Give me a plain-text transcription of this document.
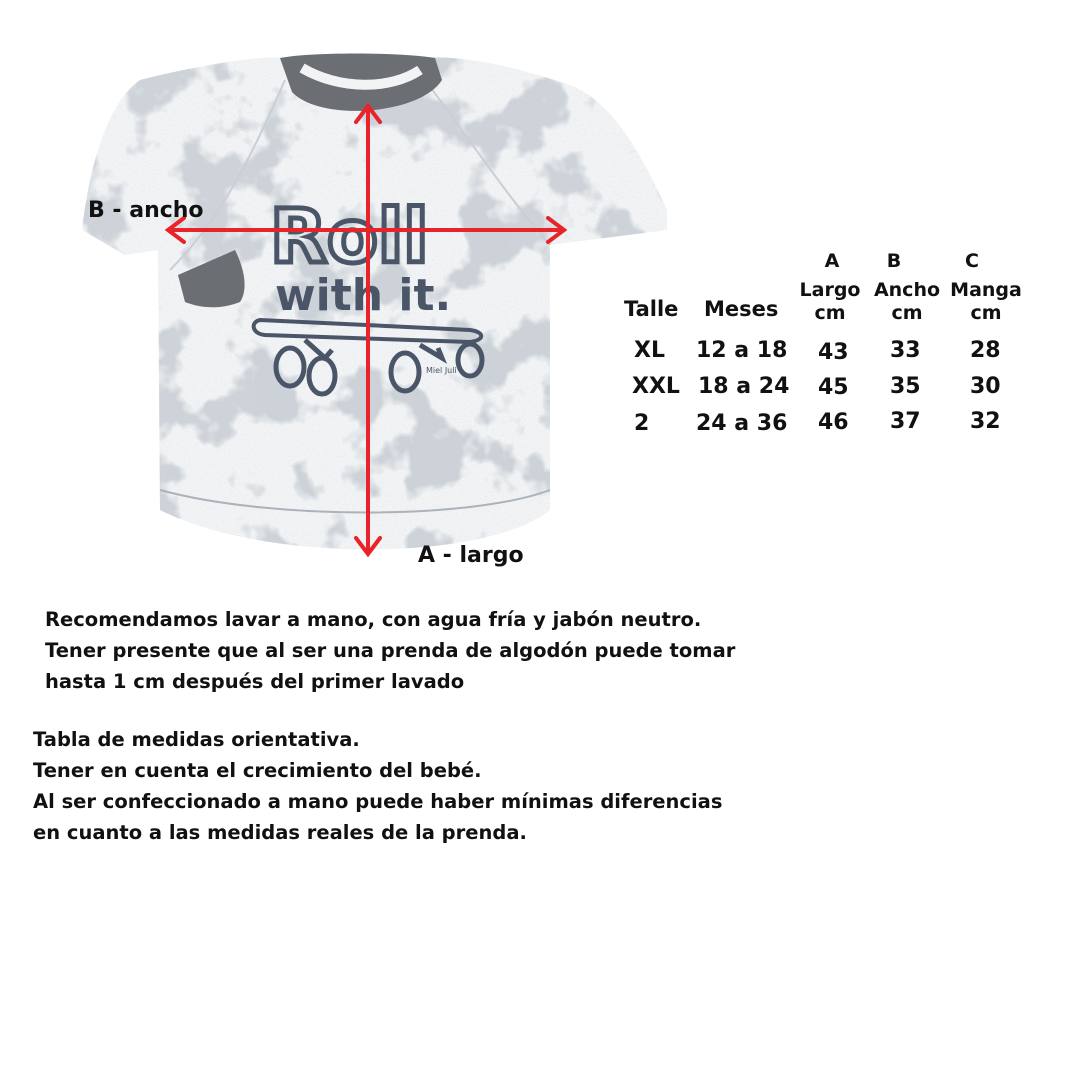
Roll
with it.
Miel Juli
B - ancho
A - largo
A B	C
Talle Meses
Largo
cm
Ancho
cm
Manga
cm
XL 12 a 18 43 33 28
XXL 18 a 24 45 35 30
2 24 a 36 46 37 32
Recomendamos lavar a mano, con agua fría y jabón neutro.
Tener presente que al ser una prenda de algodón puede tomar
hasta 1 cm después del primer lavado
Tabla de medidas orientativa.
Tener en cuenta el crecimiento del bebé.
Al ser confeccionado a mano puede haber mínimas diferencias
en cuanto a las medidas reales de la prenda.
